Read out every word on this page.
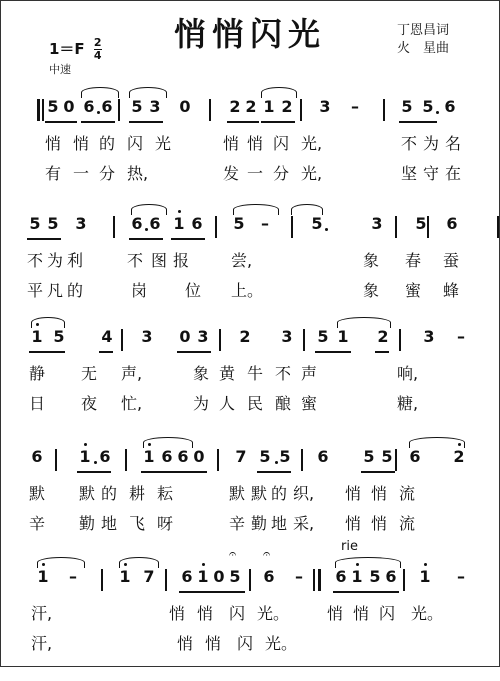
悄悄闪光	丁恩昌词
火　星曲
$1=F \frac{2}{4}$
中速
rie
5 0 6 6 5 3 0 2 2 1 2 3 –	5 5 6
悄 悄 的 闪 光	悄 悄 闪 光,	不 为 名
有 一 分 热,	发 一 分 光,	坚 守 在
5 5 3	6 6 1 6 5 –	5	3 5 6
不 为 利	不 图 报	尝,	象 春 蚕
平 凡 的	岗 位 上。	象 蜜 蜂
1 5 4 3 0 3 2 3 5 1 2 3 –
静 无 声,	象 黄 牛 不 声	响,
日 夜 忙,	为 人 民 酿 蜜	糖,
6 1 6 1 6 6 0 7 5 5 6 5 5 6 2
默 默 的 耕 耘	默 默 的 织, 悄 悄 流
辛 勤 地 飞 呀	辛 勤 地 采, 悄 悄 流
1 –	1 7 6 1 0 5 6 – 6 1 5 6 1 –
𝄐 𝄐
汗,	悄 悄 闪 光。 悄 悄 闪 光。
汗,	悄 悄 闪 光。
